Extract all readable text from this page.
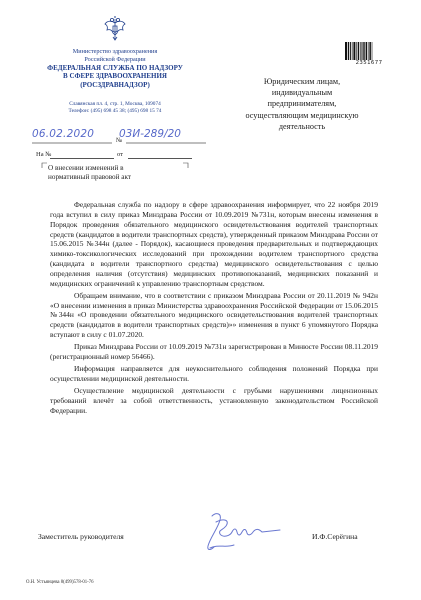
Министерство здравоохранения
Российской Федерации
ФЕДЕРАЛЬНАЯ СЛУЖБА ПО НАДЗОРУ
В СФЕРЕ ЗДРАВООХРАНЕНИЯ
(РОСЗДРАВНАДЗОР)
Славянская пл. 4, стр. 1, Москва, 109074
Телефон: (495) 698 45 38; (495) 698 15 74
№
06.02.2020 03И-289/20
На №	от
О внесении изменений в
нормативный правовой акт
2351677
Юридическим лицам,
индивидуальным
предпринимателям,
осуществляющим медицинскую
деятельность

Федеральная служба по надзору в сфере здравоохранения информирует, что 22 ноября 2019 года вступил в силу приказ Минздрава России от 10.09.2019 №731н, которым внесены изменения в Порядок проведения обязательного медицинского освидетельствования водителей транспортных средств (кандидатов в водители транспортных средств), утвержденный приказом Минздрава России от 15.06.2015 №344н (далее - Порядок), касающиеся проведения предварительных и подтверждающих химико-токсикологических исследований при прохождении водителем транспортного средства (кандидата в водители транспортного средства) медицинского освидетельствования с целью определения наличия (отсутствия) медицинских противопоказаний, медицинских показаний и медицинских ограничений к управлению транспортным средством.

Обращаем внимание, что в соответствии с приказом Минздрава России от 20.11.2019 № 942н «О внесении изменения в приказ Министерства здравоохранения Российской Федерации от 15.06.2015 №344н «О проведении обязательного медицинского освидетельствования водителей транспортных средств (кандидатов в водители транспортных средств)»» изменения в пункт 6 упомянутого Порядка вступают в силу с 01.07.2020.

Приказ Минздрава России от 10.09.2019 №731н зарегистрирован в Минюсте России 08.11.2019 (регистрационный номер 56466).

Информация направляется для неукоснительного соблюдения положений Порядка при осуществлении медицинской деятельности.

Осуществление медицинской деятельности с грубыми нарушениями лицензионных требований влечёт за собой ответственность, установленную законодательством Российской Федерации.

Заместитель руководителя	И.Ф.Серёгина
О.Н. Устьянцева 8(499)578-01-76
